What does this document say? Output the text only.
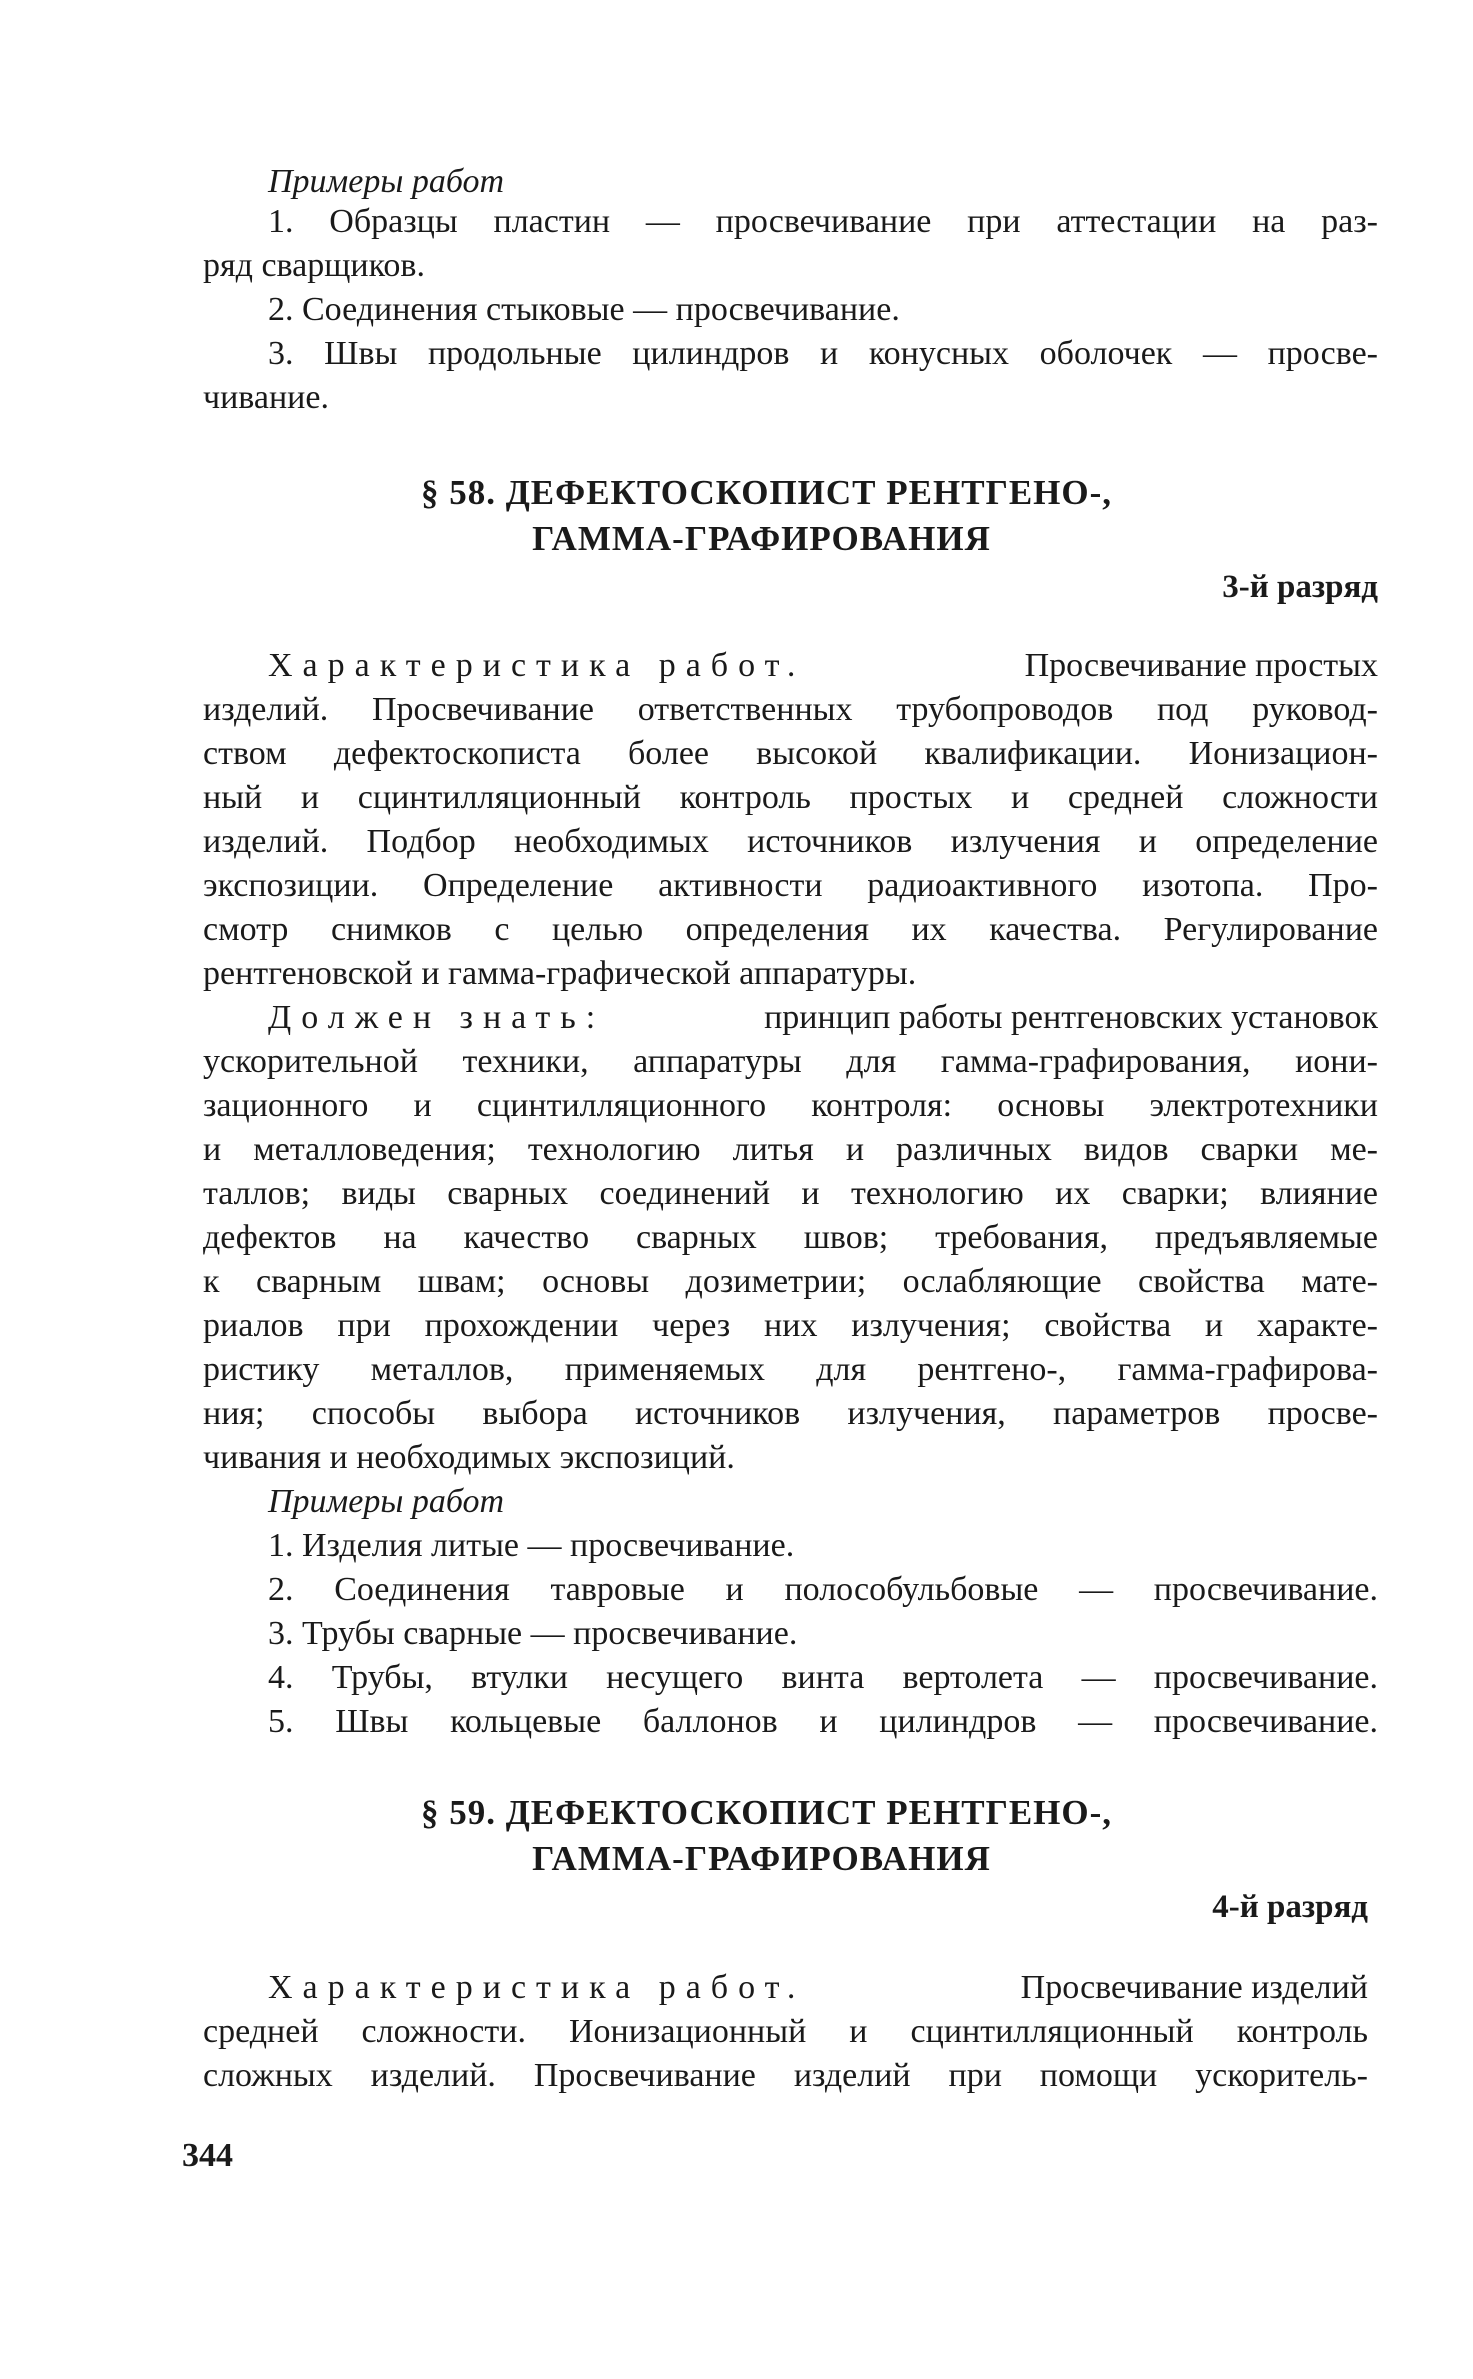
Примеры работ
1. Образцы пластин — просвечивание при аттестации на раз-
ряд сварщиков.
2. Соединения стыковые — просвечивание.
3. Швы продольные цилиндров и конусных оболочек — просве-
чивание.
§ 58. ДЕФЕКТОСКОПИСТ РЕНТГЕНО-,
ГАММА-ГРАФИРОВАНИЯ
3-й разряд
Характеристика работ.	Просвечивание простых
изделий. Просвечивание ответственных трубопроводов под руковод-
ством дефектоскописта более высокой квалификации. Ионизацион-
ный и сцинтилляционный контроль простых и средней сложности
изделий. Подбор необходимых источников излучения и определение
экспозиции. Определение активности радиоактивного изотопа. Про-
смотр снимков с целью определения их качества. Регулирование
рентгеновской и гамма-графической аппаратуры.
Должен знать:	принцип работы рентгеновских установок
ускорительной техники, аппаратуры для гамма-графирования, иони-
зационного и сцинтилляционного контроля: основы электротехники
и металловедения; технологию литья и различных видов сварки ме-
таллов; виды сварных соединений и технологию их сварки; влияние
дефектов на качество сварных швов; требования, предъявляемые
к сварным швам; основы дозиметрии; ослабляющие свойства мате-
риалов при прохождении через них излучения; свойства и характе-
ристику металлов, применяемых для рентгено-, гамма-графирова-
ния; способы выбора источников излучения, параметров просве-
чивания и необходимых экспозиций.
Примеры работ
1. Изделия литые — просвечивание.
2. Соединения тавровые и полособульбовые — просвечивание.
3. Трубы сварные — просвечивание.
4. Трубы, втулки несущего винта вертолета — просвечивание.
5. Швы кольцевые баллонов и цилиндров — просвечивание.
§ 59. ДЕФЕКТОСКОПИСТ РЕНТГЕНО-,
ГАММА-ГРАФИРОВАНИЯ
4-й разряд
Характеристика работ.	Просвечивание изделий
средней сложности. Ионизационный и сцинтилляционный контроль
сложных изделий. Просвечивание изделий при помощи ускоритель-
344
